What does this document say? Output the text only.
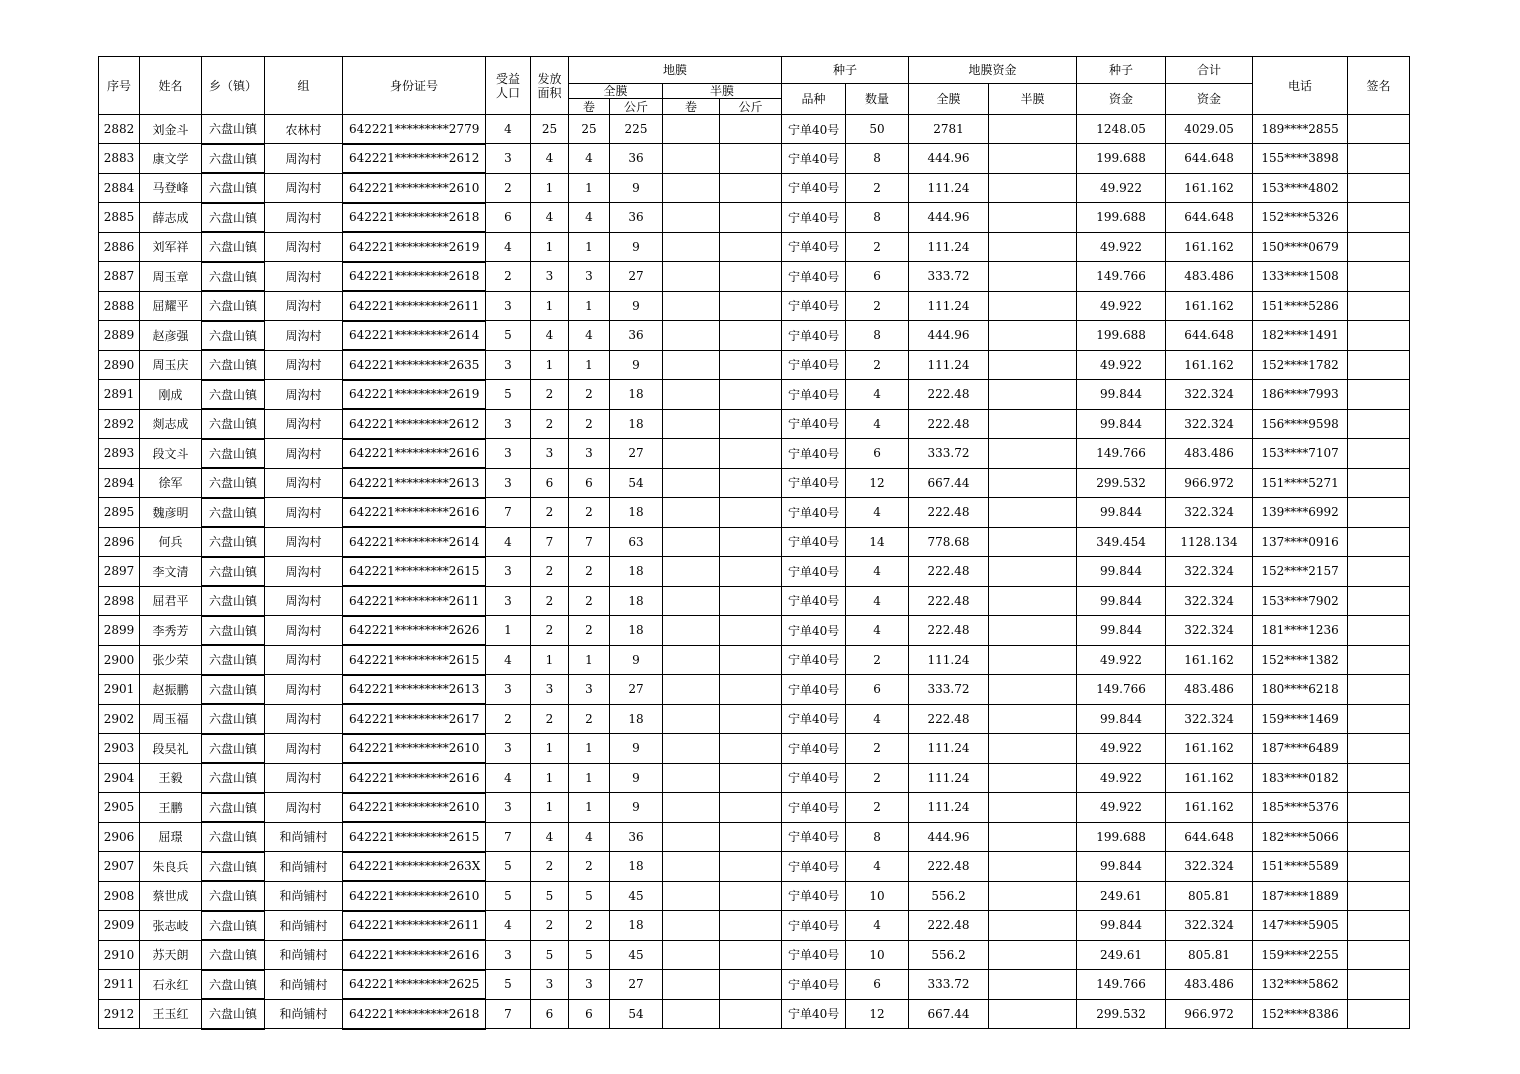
序号	姓名	乡（镇）	组	身份证号	受益人口	发放面积	地膜				种子		地膜资金		种子	合计	电话	签名
							全膜		半膜		品种	数量	全膜	半膜	资金	资金		
							卷	公斤	卷	公斤								
2882	刘金斗	六盘山镇	农林村	642221*********2779	4	25	25	225			宁单40号	50	2781		1248.05	4029.05	189****2855	
2883	康文学	六盘山镇	周沟村	642221*********2612	3	4	4	36			宁单40号	8	444.96		199.688	644.648	155****3898	
2884	马登峰	六盘山镇	周沟村	642221*********2610	2	1	1	9			宁单40号	2	111.24		49.922	161.162	153****4802	
2885	薛志成	六盘山镇	周沟村	642221*********2618	6	4	4	36			宁单40号	8	444.96		199.688	644.648	152****5326	
2886	刘军祥	六盘山镇	周沟村	642221*********2619	4	1	1	9			宁单40号	2	111.24		49.922	161.162	150****0679	
2887	周玉章	六盘山镇	周沟村	642221*********2618	2	3	3	27			宁单40号	6	333.72		149.766	483.486	133****1508	
2888	屈耀平	六盘山镇	周沟村	642221*********2611	3	1	1	9			宁单40号	2	111.24		49.922	161.162	151****5286	
2889	赵彦强	六盘山镇	周沟村	642221*********2614	5	4	4	36			宁单40号	8	444.96		199.688	644.648	182****1491	
2890	周玉庆	六盘山镇	周沟村	642221*********2635	3	1	1	9			宁单40号	2	111.24		49.922	161.162	152****1782	
2891	刚成	六盘山镇	周沟村	642221*********2619	5	2	2	18			宁单40号	4	222.48		99.844	322.324	186****7993	
2892	剡志成	六盘山镇	周沟村	642221*********2612	3	2	2	18			宁单40号	4	222.48		99.844	322.324	156****9598	
2893	段文斗	六盘山镇	周沟村	642221*********2616	3	3	3	27			宁单40号	6	333.72		149.766	483.486	153****7107	
2894	徐军	六盘山镇	周沟村	642221*********2613	3	6	6	54			宁单40号	12	667.44		299.532	966.972	151****5271	
2895	魏彦明	六盘山镇	周沟村	642221*********2616	7	2	2	18			宁单40号	4	222.48		99.844	322.324	139****6992	
2896	何兵	六盘山镇	周沟村	642221*********2614	4	7	7	63			宁单40号	14	778.68		349.454	1128.134	137****0916	
2897	李文清	六盘山镇	周沟村	642221*********2615	3	2	2	18			宁单40号	4	222.48		99.844	322.324	152****2157	
2898	屈君平	六盘山镇	周沟村	642221*********2611	3	2	2	18			宁单40号	4	222.48		99.844	322.324	153****7902	
2899	李秀芳	六盘山镇	周沟村	642221*********2626	1	2	2	18			宁单40号	4	222.48		99.844	322.324	181****1236	
2900	张少荣	六盘山镇	周沟村	642221*********2615	4	1	1	9			宁单40号	2	111.24		49.922	161.162	152****1382	
2901	赵振鹏	六盘山镇	周沟村	642221*********2613	3	3	3	27			宁单40号	6	333.72		149.766	483.486	180****6218	
2902	周玉福	六盘山镇	周沟村	642221*********2617	2	2	2	18			宁单40号	4	222.48		99.844	322.324	159****1469	
2903	段旲礼	六盘山镇	周沟村	642221*********2610	3	1	1	9			宁单40号	2	111.24		49.922	161.162	187****6489	
2904	王毅	六盘山镇	周沟村	642221*********2616	4	1	1	9			宁单40号	2	111.24		49.922	161.162	183****0182	
2905	王鹏	六盘山镇	周沟村	642221*********2610	3	1	1	9			宁单40号	2	111.24		49.922	161.162	185****5376	
2906	屈璟	六盘山镇	和尚铺村	642221*********2615	7	4	4	36			宁单40号	8	444.96		199.688	644.648	182****5066	
2907	朱良兵	六盘山镇	和尚铺村	642221*********263X	5	2	2	18			宁单40号	4	222.48		99.844	322.324	151****5589	
2908	蔡世成	六盘山镇	和尚铺村	642221*********2610	5	5	5	45			宁单40号	10	556.2		249.61	805.81	187****1889	
2909	张志岐	六盘山镇	和尚铺村	642221*********2611	4	2	2	18			宁单40号	4	222.48		99.844	322.324	147****5905	
2910	苏天朗	六盘山镇	和尚铺村	642221*********2616	3	5	5	45			宁单40号	10	556.2		249.61	805.81	159****2255	
2911	石永红	六盘山镇	和尚铺村	642221*********2625	5	3	3	27			宁单40号	6	333.72		149.766	483.486	132****5862	
2912	王玉红	六盘山镇	和尚铺村	642221*********2618	7	6	6	54			宁单40号	12	667.44		299.532	966.972	152****8386	
